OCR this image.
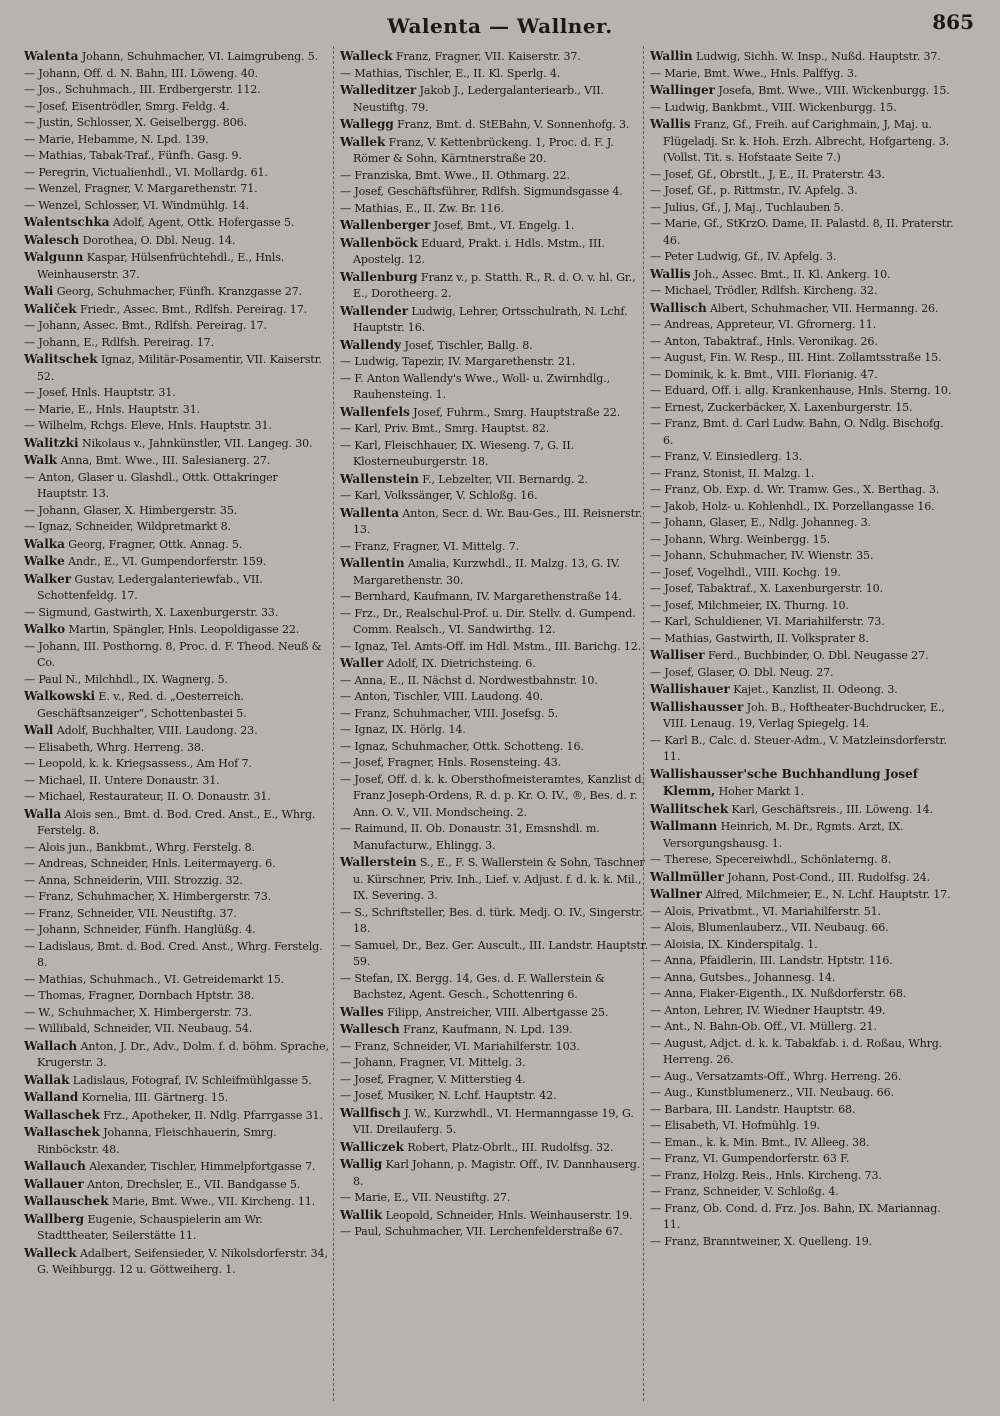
Walenta — Wallner.	865
Walenta Johann, Schuhmacher, VI. Laimgrubeng. 5.
— Johann, Off. d. N. Bahn, III. Löweng. 40.
— Jos., Schuhmach., III. Erdbergerstr. 112.
— Josef, Eisentrödler, Smrg. Feldg. 4.
— Justin, Schlosser, X. Geiselbergg. 806.
— Marie, Hebamme, N. Lpd. 139.
— Mathias, Tabak-Traf., Fünfh. Gasg. 9.
— Peregrin, Victualienhdl., VI. Mollardg. 61.
— Wenzel, Fragner, V. Margarethenstr. 71.
— Wenzel, Schlosser, VI. Windmühlg. 14.
Walentschka Adolf, Agent, Ottk. Hofergasse 5.
Walesch Dorothea, O. Dbl. Neug. 14.
Walgunn Kaspar, Hülsenfrüchtehdl., E., Hnls. Weinhauserstr. 37.
Wali Georg, Schuhmacher, Fünfh. Kranzgasse 27.
Waliček Friedr., Assec. Bmt., Rdlfsh. Pereirag. 17.
— Johann, Assec. Bmt., Rdlfsh. Pereirag. 17.
— Johann, E., Rdlfsh. Pereirag. 17.
Walitschek Ignaz, Militär-Posamentir, VII. Kaiserstr. 52.
— Josef, Hnls. Hauptstr. 31.
— Marie, E., Hnls. Hauptstr. 31.
— Wilhelm, Rchgs. Eleve, Hnls. Hauptstr. 31.
Walitzki Nikolaus v., Jahnkünstler, VII. Langeg. 30.
Walk Anna, Bmt. Wwe., III. Salesianerg. 27.
— Anton, Glaser u. Glashdl., Ottk. Ottakringer Hauptstr. 13.
— Johann, Glaser, X. Himbergerstr. 35.
— Ignaz, Schneider, Wildpretmarkt 8.
Walka Georg, Fragner, Ottk. Annag. 5.
Walke Andr., E., VI. Gumpendorferstr. 159.
Walker Gustav, Ledergalanteriewfab., VII. Schottenfeldg. 17.
— Sigmund, Gastwirth, X. Laxenburgerstr. 33.
Walko Martin, Spängler, Hnls. Leopoldigasse 22.
— Johann, III. Posthorng. 8, Proc. d. F. Theod. Neuß & Co.
— Paul N., Milchhdl., IX. Wagnerg. 5.
Walkowski E. v., Red. d. „Oesterreich. Geschäftsanzeiger“, Schottenbastei 5.
Wall Adolf, Buchhalter, VIII. Laudong. 23.
— Elisabeth, Whrg. Herreng. 38.
— Leopold, k. k. Kriegsassess., Am Hof 7.
— Michael, II. Untere Donaustr. 31.
— Michael, Restaurateur, II. O. Donaustr. 31.
Walla Alois sen., Bmt. d. Bod. Cred. Anst., E., Whrg. Ferstelg. 8.
— Alois jun., Bankbmt., Whrg. Ferstelg. 8.
— Andreas, Schneider, Hnls. Leitermayerg. 6.
— Anna, Schneiderin, VIII. Strozzig. 32.
— Franz, Schuhmacher, X. Himbergerstr. 73.
— Franz, Schneider, VII. Neustiftg. 37.
— Johann, Schneider, Fünfh. Hanglüßg. 4.
— Ladislaus, Bmt. d. Bod. Cred. Anst., Whrg. Ferstelg. 8.
— Mathias, Schuhmach., VI. Getreidemarkt 15.
— Thomas, Fragner, Dornbach Hptstr. 38.
— W., Schuhmacher, X. Himbergerstr. 73.
— Willibald, Schneider, VII. Neubaug. 54.
Wallach Anton, J. Dr., Adv., Dolm. f. d. böhm. Sprache, Krugerstr. 3.
Wallak Ladislaus, Fotograf, IV. Schleifmühlgasse 5.
Walland Kornelia, III. Gärtnerg. 15.
Wallaschek Frz., Apotheker, II. Ndlg. Pfarrgasse 31.
Wallaschek Johanna, Fleischhauerin, Smrg. Rinböckstr. 48.
Wallauch Alexander, Tischler, Himmelpfortgasse 7.
Wallauer Anton, Drechsler, E., VII. Bandgasse 5.
Wallauschek Marie, Bmt. Wwe., VII. Kircheng. 11.
Wallberg Eugenie, Schauspielerin am Wr. Stadttheater, Seilerstätte 11.
Walleck Adalbert, Seifensieder, V. Nikolsdorferstr. 34, G. Weihburgg. 12 u. Göttweiherg. 1.
Walleck Franz, Fragner, VII. Kaiserstr. 37.
— Mathias, Tischler, E., II. Kl. Sperlg. 4.
Walleditzer Jakob J., Ledergalanteriearb., VII. Neustiftg. 79.
Wallegg Franz, Bmt. d. StEBahn, V. Sonnenhofg. 3.
Wallek Franz, V. Kettenbrückeng. 1, Proc. d. F. J. Römer & Sohn, Kärntnerstraße 20.
— Franziska, Bmt. Wwe., II. Othmarg. 22.
— Josef, Geschäftsführer, Rdlfsh. Sigmundsgasse 4.
— Mathias, E., II. Zw. Br. 116.
Wallenberger Josef, Bmt., VI. Engelg. 1.
Wallenböck Eduard, Prakt. i. Hdls. Mstm., III. Apostelg. 12.
Wallenburg Franz v., p. Statth. R., R. d. O. v. hl. Gr., E., Dorotheerg. 2.
Wallender Ludwig, Lehrer, Ortsschulrath, N. Lchf. Hauptstr. 16.
Wallendy Josef, Tischler, Ballg. 8.
— Ludwig, Tapezir, IV. Margarethenstr. 21.
— F. Anton Wallendy's Wwe., Woll- u. Zwirnhdlg., Rauhensteing. 1.
Wallenfels Josef, Fuhrm., Smrg. Hauptstraße 22.
— Karl, Priv. Bmt., Smrg. Hauptst. 82.
— Karl, Fleischhauer, IX. Wieseng. 7, G. II. Klosterneuburgerstr. 18.
Wallenstein F., Lebzelter, VII. Bernardg. 2.
— Karl, Volkssänger, V. Schloßg. 16.
Wallenta Anton, Secr. d. Wr. Bau-Ges., III. Reisnerstr. 13.
— Franz, Fragner, VI. Mittelg. 7.
Wallentin Amalia, Kurzwhdl., II. Malzg. 13, G. IV. Margarethenstr. 30.
— Bernhard, Kaufmann, IV. Margarethenstraße 14.
— Frz., Dr., Realschul-Prof. u. Dir. Stellv. d. Gumpend. Comm. Realsch., VI. Sandwirthg. 12.
— Ignaz, Tel. Amts-Off. im Hdl. Mstm., III. Barichg. 12.
Waller Adolf, IX. Dietrichsteing. 6.
— Anna, E., II. Nächst d. Nordwestbahnstr. 10.
— Anton, Tischler, VIII. Laudong. 40.
— Franz, Schuhmacher, VIII. Josefsg. 5.
— Ignaz, IX. Hörlg. 14.
— Ignaz, Schuhmacher, Ottk. Schotteng. 16.
— Josef, Fragner, Hnls. Rosensteing. 43.
— Josef, Off. d. k. k. Obersthofmeisteramtes, Kanzlist d. Franz Joseph-Ordens, R. d. p. Kr. O. IV., ®, Bes. d. r. Ann. O. V., VII. Mondscheing. 2.
— Raimund, II. Ob. Donaustr. 31, Emsnshdl. m. Manufacturw., Ehlingg. 3.
Wallerstein S., E., F. S. Wallerstein & Sohn, Taschner u. Kürschner, Priv. Inh., Lief. v. Adjust. f. d. k. k. Mil., IX. Severing. 3.
— S., Schriftsteller, Bes. d. türk. Medj. O. IV., Singerstr. 18.
— Samuel, Dr., Bez. Ger. Auscult., III. Landstr. Hauptstr. 59.
— Stefan, IX. Bergg. 14, Ges. d. F. Wallerstein & Bachstez, Agent. Gesch., Schottenring 6.
Walles Filipp, Anstreicher, VIII. Albertgasse 25.
Wallesch Franz, Kaufmann, N. Lpd. 139.
— Franz, Schneider, VI. Mariahilferstr. 103.
— Johann, Fragner, VI. Mittelg. 3.
— Josef, Fragner, V. Mitterstieg 4.
— Josef, Musiker, N. Lchf. Hauptstr. 42.
Wallfisch J. W., Kurzwhdl., VI. Hermanngasse 19, G. VII. Dreilauferg. 5.
Walliczek Robert, Platz-Obrlt., III. Rudolfsg. 32.
Wallig Karl Johann, p. Magistr. Off., IV. Dannhauserg. 8.
— Marie, E., VII. Neustiftg. 27.
Wallik Leopold, Schneider, Hnls. Weinhauserstr. 19.
— Paul, Schuhmacher, VII. Lerchenfelderstraße 67.
Wallin Ludwig, Sichh. W. Insp., Nußd. Hauptstr. 37.
— Marie, Bmt. Wwe., Hnls. Palffyg. 3.
Wallinger Josefa, Bmt. Wwe., VIII. Wickenburgg. 15.
— Ludwig, Bankbmt., VIII. Wickenburgg. 15.
Wallis Franz, Gf., Freih. auf Carighmain, J, Maj. u. Flügeladj. Sr. k. Hoh. Erzh. Albrecht, Hofgarteng. 3. (Vollst. Tit. s. Hofstaate Seite 7.)
— Josef, Gf., Obrstlt., J, E., II. Praterstr. 43.
— Josef, Gf., p. Rittmstr., IV. Apfelg. 3.
— Julius, Gf., J, Maj., Tuchlauben 5.
— Marie, Gf., StKrzO. Dame, II. Palastd. 8, II. Praterstr. 46.
— Peter Ludwig, Gf., IV. Apfelg. 3.
Wallis Joh., Assec. Bmt., II. Kl. Ankerg. 10.
— Michael, Trödler, Rdlfsh. Kircheng. 32.
Wallisch Albert, Schuhmacher, VII. Hermanng. 26.
— Andreas, Appreteur, VI. Gfrornerg. 11.
— Anton, Tabaktraf., Hnls. Veronikag. 26.
— August, Fin. W. Resp., III. Hint. Zollamtsstraße 15.
— Dominik, k. k. Bmt., VIII. Florianig. 47.
— Eduard, Off. i. allg. Krankenhause, Hnls. Sterng. 10.
— Ernest, Zuckerbäcker, X. Laxenburgerstr. 15.
— Franz, Bmt. d. Carl Ludw. Bahn, O. Ndlg. Bischofg. 6.
— Franz, V. Einsiedlerg. 13.
— Franz, Stonist, II. Malzg. 1.
— Franz, Ob. Exp. d. Wr. Tramw. Ges., X. Berthag. 3.
— Jakob, Holz- u. Kohlenhdl., IX. Porzellangasse 16.
— Johann, Glaser, E., Ndlg. Johanneg. 3.
— Johann, Whrg. Weinbergg. 15.
— Johann, Schuhmacher, IV. Wienstr. 35.
— Josef, Vogelhdl., VIII. Kochg. 19.
— Josef, Tabaktraf., X. Laxenburgerstr. 10.
— Josef, Milchmeier, IX. Thurng. 10.
— Karl, Schuldiener, VI. Mariahilferstr. 73.
— Mathias, Gastwirth, II. Volksprater 8.
Walliser Ferd., Buchbinder, O. Dbl. Neugasse 27.
— Josef, Glaser, O. Dbl. Neug. 27.
Wallishauer Kajet., Kanzlist, II. Odeong. 3.
Wallishausser Joh. B., Hoftheater-Buchdrucker, E., VIII. Lenaug. 19, Verlag Spiegelg. 14.
— Karl B., Calc. d. Steuer-Adm., V. Matzleinsdorferstr. 11.
Wallishausser'sche Buchhandlung Josef Klemm, Hoher Markt 1.
Wallitschek Karl, Geschäftsreis., III. Löweng. 14.
Wallmann Heinrich, M. Dr., Rgmts. Arzt, IX. Versorgungshausg. 1.
— Therese, Specereiwhdl., Schönlaterng. 8.
Wallmüller Johann, Post-Cond., III. Rudolfsg. 24.
Wallner Alfred, Milchmeier, E., N. Lchf. Hauptstr. 17.
— Alois, Privatbmt., VI. Mariahilferstr. 51.
— Alois, Blumenlauberz., VII. Neubaug. 66.
— Aloisia, IX. Kinderspitalg. 1.
— Anna, Pfaidlerin, III. Landstr. Hptstr. 116.
— Anna, Gutsbes., Johannesg. 14.
— Anna, Fiaker-Eigenth., IX. Nußdorferstr. 68.
— Anton, Lehrer, IV. Wiedner Hauptstr. 49.
— Ant., N. Bahn-Ob. Off., VI. Müllerg. 21.
— August, Adjct. d. k. k. Tabakfab. i. d. Roßau, Whrg. Herreng. 26.
— Aug., Versatzamts-Off., Whrg. Herreng. 26.
— Aug., Kunstblumenerz., VII. Neubaug. 66.
— Barbara, III. Landstr. Hauptstr. 68.
— Elisabeth, VI. Hofmühlg. 19.
— Eman., k. k. Min. Bmt., IV. Alleeg. 38.
— Franz, VI. Gumpendorferstr. 63 F.
— Franz, Holzg. Reis., Hnls. Kircheng. 73.
— Franz, Schneider, V. Schloßg. 4.
— Franz, Ob. Cond. d. Frz. Jos. Bahn, IX. Mariannag. 11.
— Franz, Branntweiner, X. Quelleng. 19.
